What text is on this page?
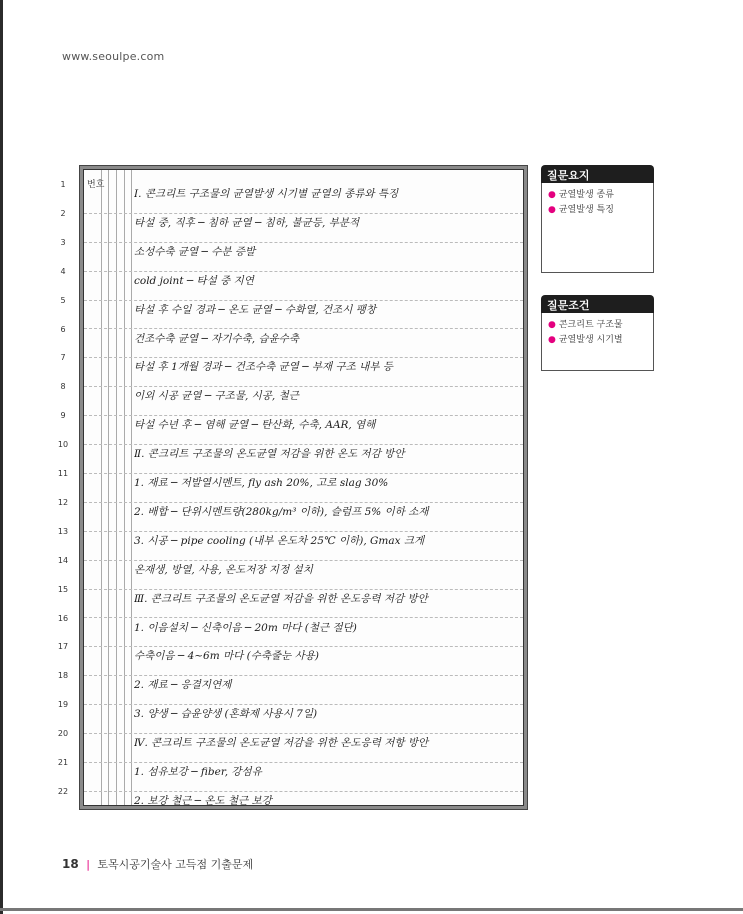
www.seoulpe.com
번호
Ⅰ. 콘크리트 구조물의 균열발생 시기별 균열의 종류와 특징
타설 중, 직후 ─ 침하 균열 ─ 침하, 불균등, 부분적
소성수축 균열 ─ 수분 증발
cold joint ─ 타설 중 지연
타설 후 수일 경과 ─ 온도 균열 ─ 수화열, 건조시 팽창
건조수축 균열 ─ 자기수축, 습윤수축
타설 후 1개월 경과 ─ 건조수축 균열 ─ 부재 구조 내부 등
이외 시공 균열 ─ 구조물, 시공, 철근
타설 수년 후 ─ 염해 균열 ─ 탄산화, 수축, AAR, 염해
Ⅱ. 콘크리트 구조물의 온도균열 저감을 위한 온도 저감 방안
1. 재료 ─ 저발열시멘트, fly ash 20%, 고로 slag 30%
2. 배합 ─ 단위시멘트량(280kg/m³ 이하), 슬럼프 5% 이하 소재
3. 시공 ─ pipe cooling (내부 온도차 25℃ 이하), Gmax 크게
온재생, 방열, 사용, 온도저장 지정 설치
Ⅲ. 콘크리트 구조물의 온도균열 저감을 위한 온도응력 저감 방안
1. 이음설치 ─ 신축이음 ─ 20m 마다 (철근 절단)
수축이음 ─ 4~6m 마다 (수축줄눈 사용)
2. 재료 ─ 응결지연제
3. 양생 ─ 습윤양생 (혼화제 사용시 7일)
Ⅳ. 콘크리트 구조물의 온도균열 저감을 위한 온도응력 저항 방안
1. 섬유보강 ─ fiber, 강섬유
2. 보강 철근 ─ 온도 철근 보강
1
2
3
4
5
6
7
8
9
10
11
12
13
14
15
16
17
18
19
20
21
22
질문요지
● 균열발생 종류
● 균열발생 특징
질문조건
● 콘크리트 구조물
● 균열발생 시기별
18 | 토목시공기술사 고득점 기출문제
